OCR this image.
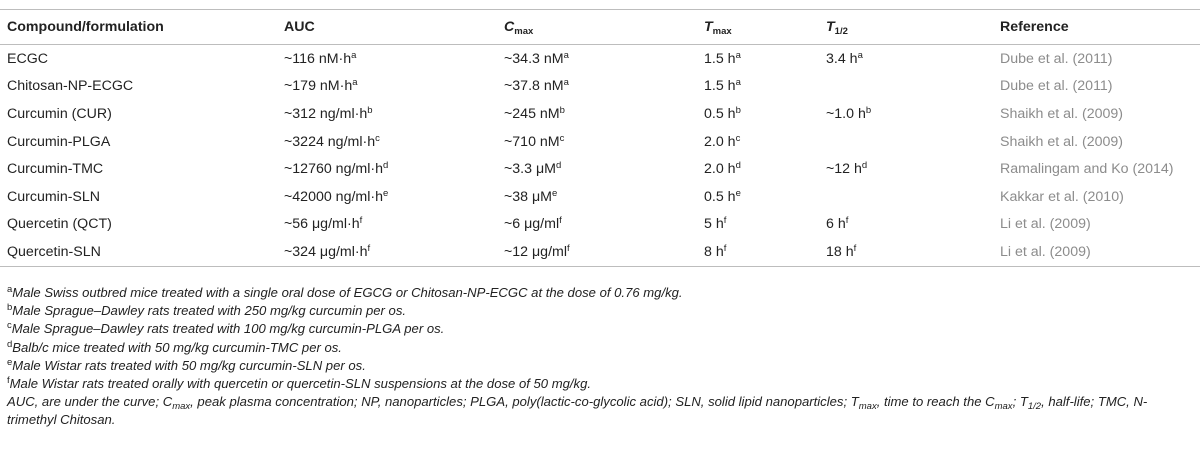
Compound/formulation	AUC	$C_{max}$	$T_{max}$	$T_{1/2}$	Reference
ECGC	~116 $nM\cdot h^a$	~34.3 $nM^a$	1.5 $h^a$	3.4 $h^a$	Dube et al. (2011)
Chitosan-NP-ECGC	~179 $nM\cdot h^a$	~37.8 $nM^a$	1.5 $h^a$		Dube et al. (2011)
Curcumin (CUR)	~312 $ng/ml\cdot h^b$	~245 $nM^b$	0.5 $h^b$	~1.0 $h^b$	Shaikh et al. (2009)
Curcumin-PLGA	~3224 $ng/ml\cdot h^c$	~710 $nM^c$	2.0 $h^c$		Shaikh et al. (2009)
Curcumin-TMC	~12760 $ng/ml\cdot h^d$	~3.3 $\mu M^d$	2.0 $h^d$	~12 $h^d$	Ramalingam and Ko (2014)
Curcumin-SLN	~42000 $ng/ml\cdot h^e$	~38 μMe	0.5 $h^e$		Kakkar et al. (2010)
Quercetin (QCT)	~56 $\mu g/ml\cdot h^f$	~6 $\mu g/ml^f$	5 $h^f$	6 $h^f$	Li et al. (2009)
Quercetin-SLN	~324 $\mu g/ml\cdot h^f$	~12 $\mu g/ml^f$	8 $h^f$	18 $h^f$	Li et al. (2009)

$^a$Male Swiss outbred mice treated with a single oral dose of EGCG or Chitosan-NP-ECGC at the dose of 0.76 mg/kg.

$^b$Male Sprague–Dawley rats treated with 250 mg/kg curcumin per os.

$^c$Male Sprague–Dawley rats treated with 100 mg/kg curcumin-PLGA per os.

$^d$Balb/c mice treated with 50 mg/kg curcumin-TMC per os.

$^e$Male Wistar rats treated with 50 mg/kg curcumin-SLN per os.

$^f$Male Wistar rats treated orally with quercetin or quercetin-SLN suspensions at the dose of 50 mg/kg.

AUC, are under the curve; $C_{max}$, peak plasma concentration; NP, nanoparticles; PLGA, poly(lactic-co-glycolic acid); SLN, solid lipid nanoparticles; $T_{max}$, time to reach the $C_{max}$; $T_{1/2}$, half-life; TMC, N-trimethyl Chitosan.
